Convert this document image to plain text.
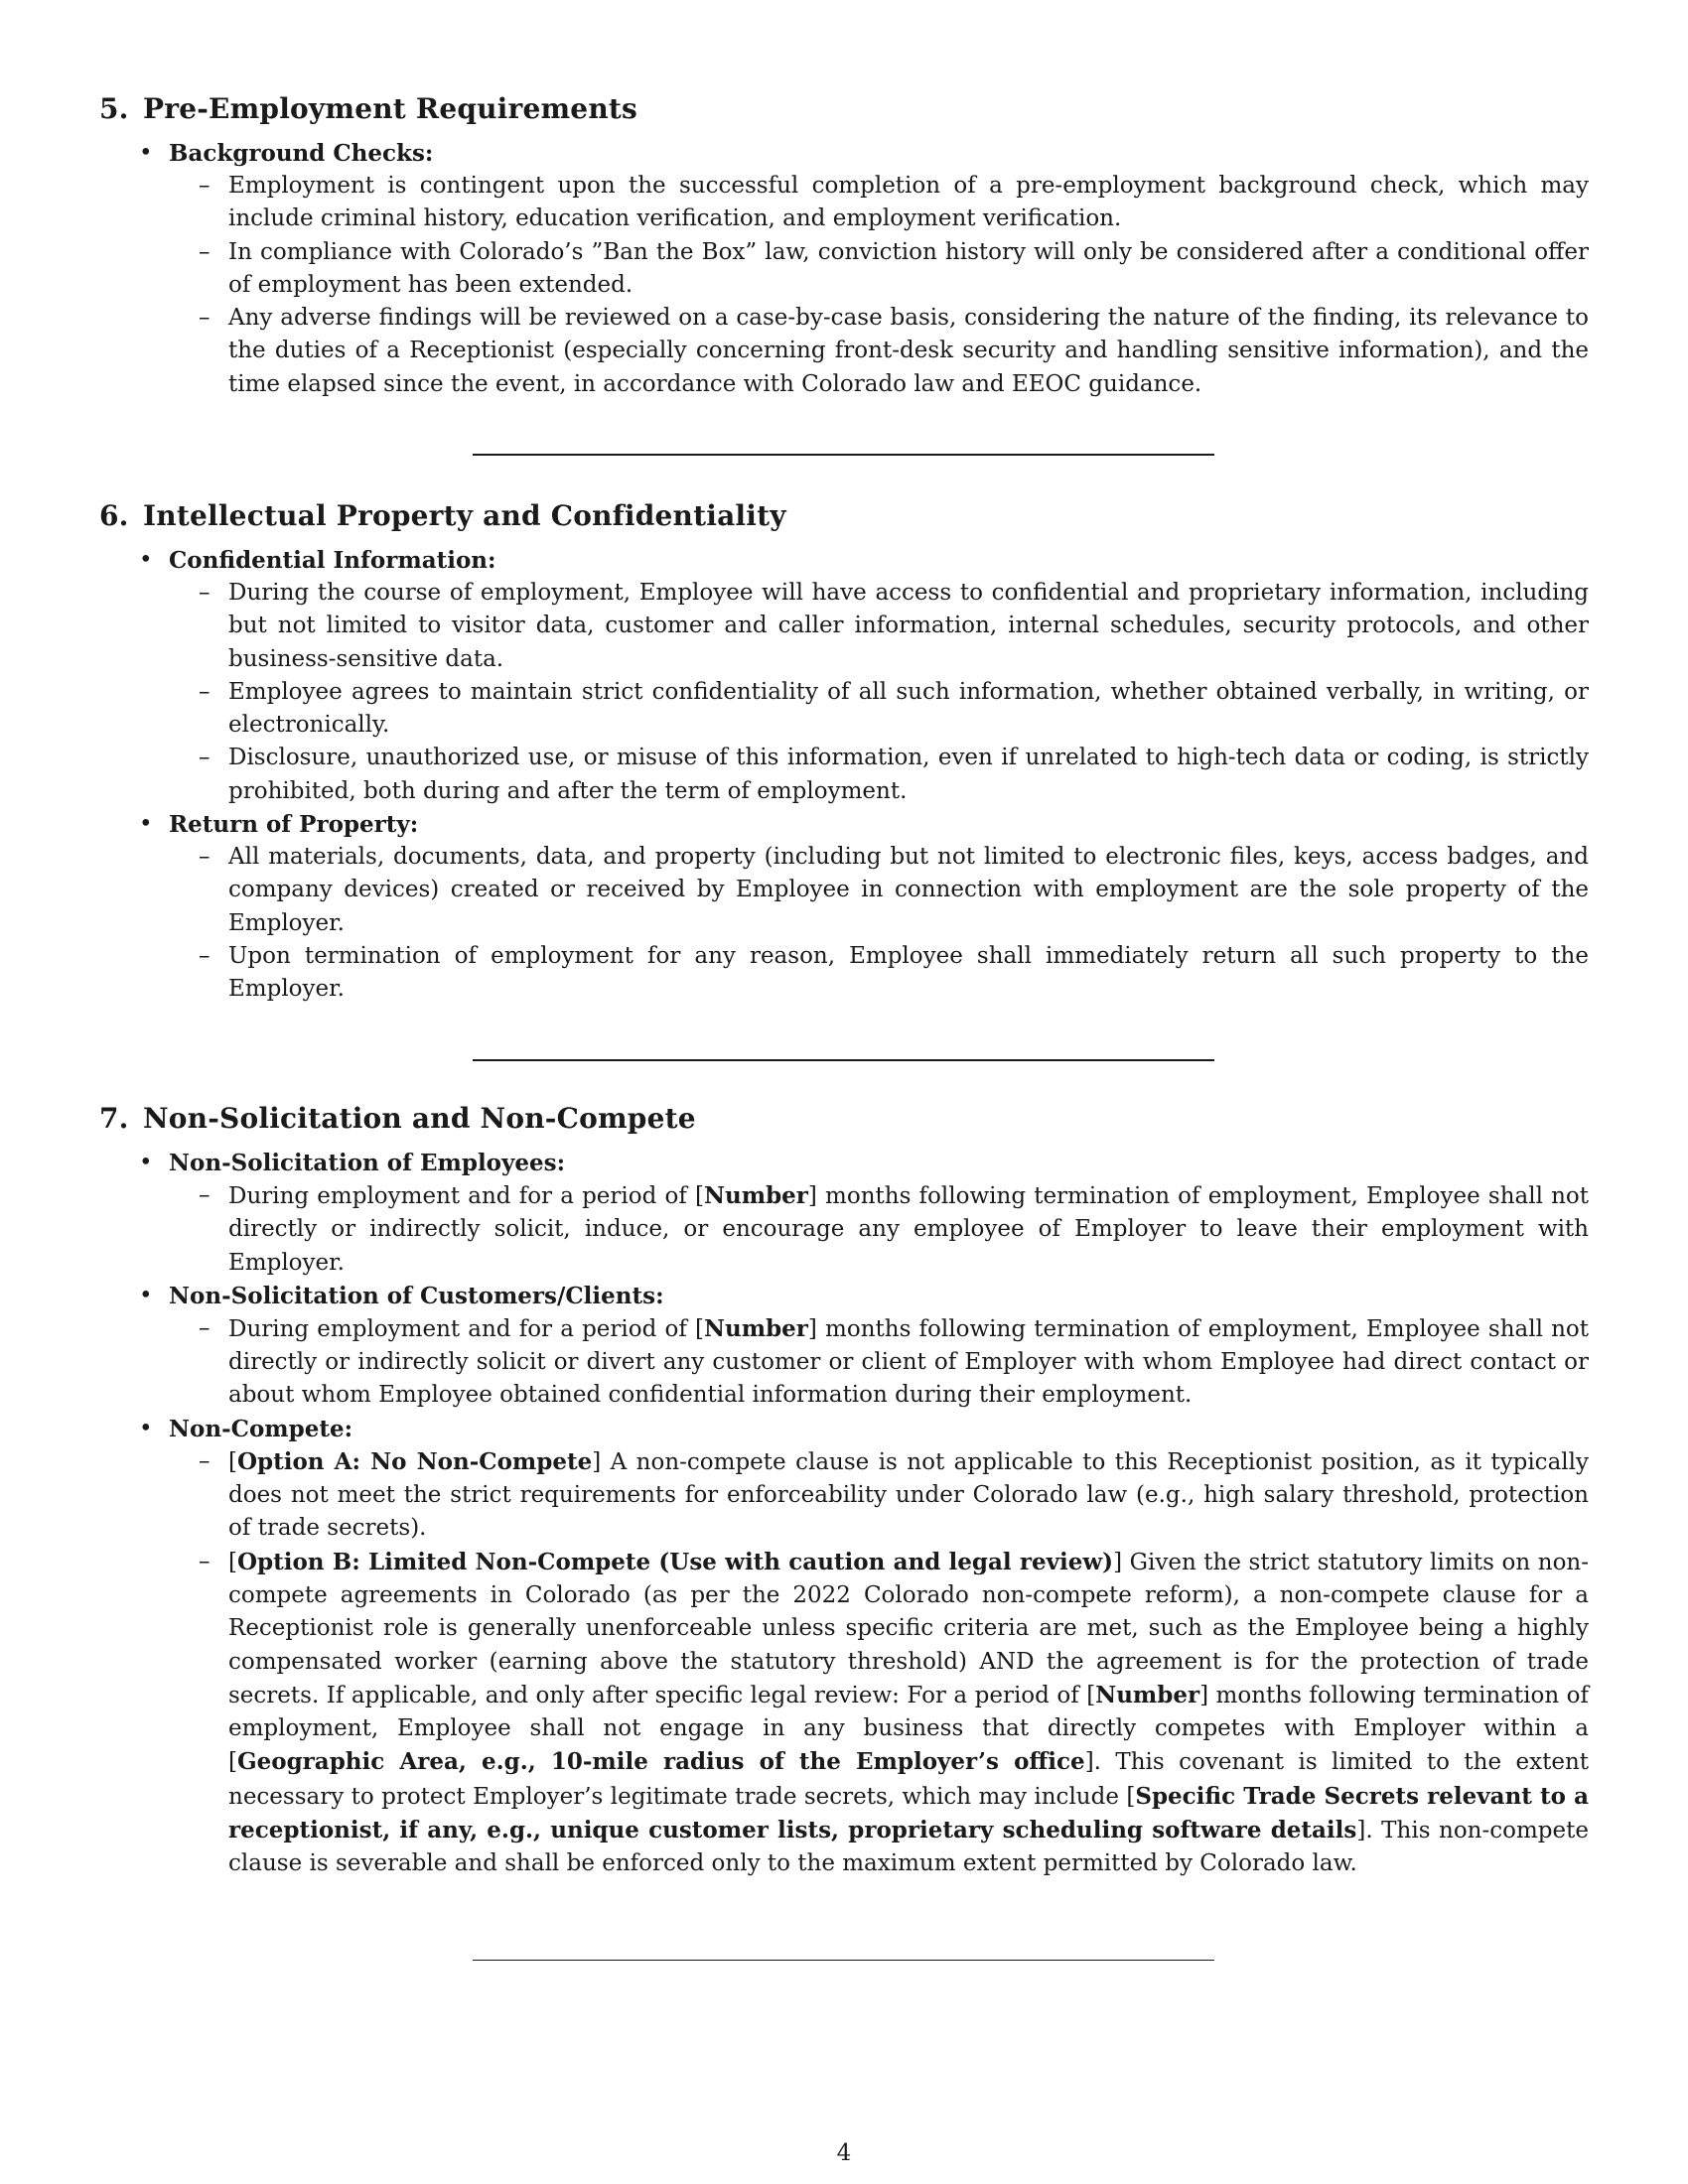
5. Pre-Employment Requirements
• Background Checks:
– Employment is contingent upon the successful completion of a pre-employment background check, which may include criminal history, education verification, and employment verification.
– In compliance with Colorado’s ”Ban the Box” law, conviction history will only be considered after a conditional offer of employment has been extended.
– Any adverse findings will be reviewed on a case-by-case basis, considering the nature of the finding, its relevance to the duties of a Receptionist (especially concerning front-desk security and handling sensitive information), and the time elapsed since the event, in accordance with Colorado law and EEOC guidance.
6. Intellectual Property and Confidentiality
• Confidential Information:
– During the course of employment, Employee will have access to confidential and proprietary information, including but not limited to visitor data, customer and caller information, internal schedules, security protocols, and other business-sensitive data.
– Employee agrees to maintain strict confidentiality of all such information, whether obtained verbally, in writing, or electronically.
– Disclosure, unauthorized use, or misuse of this information, even if unrelated to high-tech data or coding, is strictly prohibited, both during and after the term of employment.
• Return of Property:
– All materials, documents, data, and property (including but not limited to electronic files, keys, access badges, and company devices) created or received by Employee in connection with employment are the sole property of the Employer.
– Upon termination of employment for any reason, Employee shall immediately return all such property to the Employer.
7. Non-Solicitation and Non-Compete
• Non-Solicitation of Employees:
– During employment and for a period of [Number] months following termination of employment, Employee shall not directly or indirectly solicit, induce, or encourage any employee of Employer to leave their employment with Employer.
• Non-Solicitation of Customers/Clients:
– During employment and for a period of [Number] months following termination of employment, Employee shall not directly or indirectly solicit or divert any customer or client of Employer with whom Employee had direct contact or about whom Employee obtained confidential information during their employment.
• Non-Compete:
– [Option A: No Non-Compete] A non-compete clause is not applicable to this Receptionist position, as it typically does not meet the strict requirements for enforceability under Colorado law (e.g., high salary threshold, protection of trade secrets).
– [Option B: Limited Non-Compete (Use with caution and legal review)] Given the strict statutory limits on non-compete agreements in Colorado (as per the 2022 Colorado non-compete reform), a non-compete clause for a Receptionist role is generally unenforceable unless specific criteria are met, such as the Employee being a highly compensated worker (earning above the statutory threshold) AND the agreement is for the protection of trade secrets. If applicable, and only after specific legal review: For a period of [Number] months following termination of employment, Employee shall not engage in any business that directly competes with Employer within a [Geographic Area, e.g., 10-mile radius of the Employer’s office]. This covenant is limited to the extent necessary to protect Employer’s legitimate trade secrets, which may include [Specific Trade Secrets relevant to a receptionist, if any, e.g., unique customer lists, proprietary scheduling software details]. This non-compete clause is severable and shall be enforced only to the maximum extent permitted by Colorado law.
4
